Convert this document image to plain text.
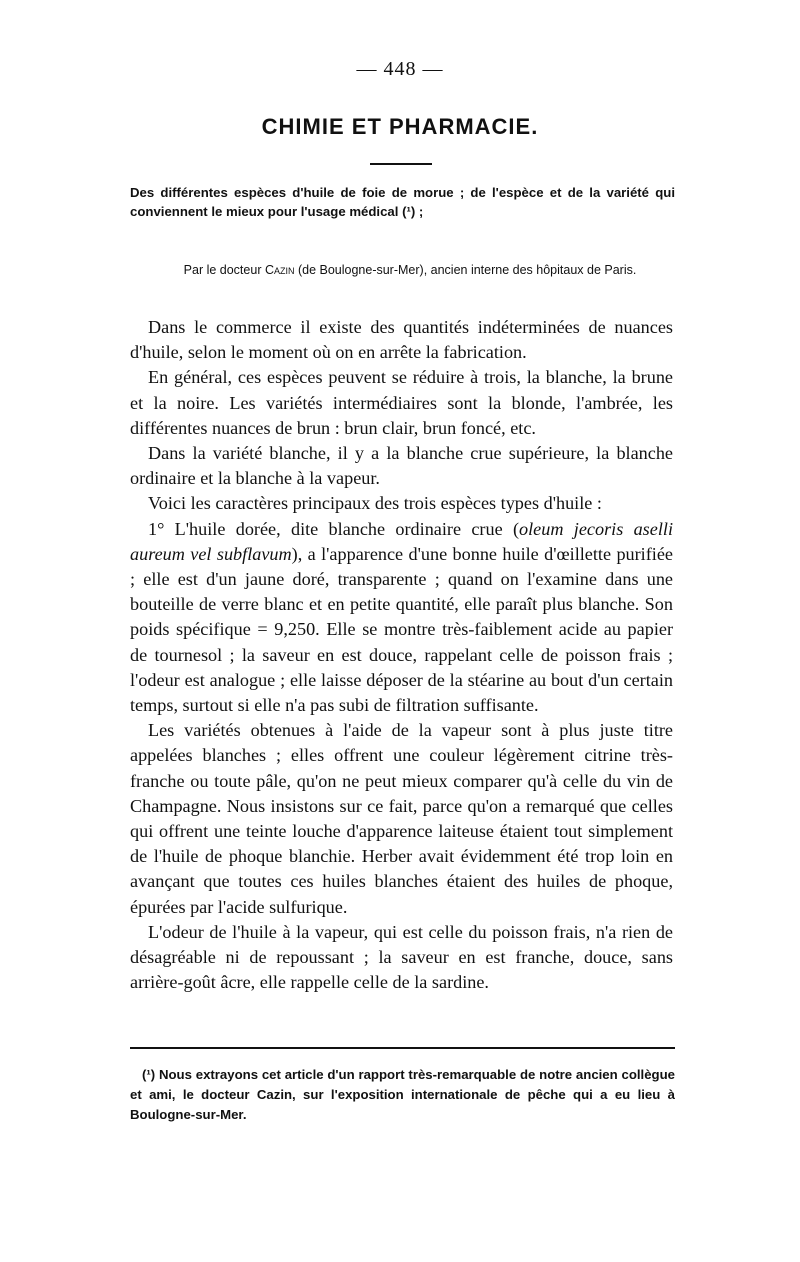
— 448 —
CHIMIE ET PHARMACIE.
Des différentes espèces d'huile de foie de morue ; de l'espèce et de la variété qui conviennent le mieux pour l'usage médical (¹) ;
Par le docteur Cazin (de Boulogne-sur-Mer), ancien interne des hôpitaux de Paris.

Dans le commerce il existe des quantités indéterminées de nuances d'huile, selon le moment où on en arrête la fabrication.

En général, ces espèces peuvent se réduire à trois, la blanche, la brune et la noire. Les variétés intermédiaires sont la blonde, l'ambrée, les différentes nuances de brun : brun clair, brun foncé, etc.

Dans la variété blanche, il y a la blanche crue supérieure, la blanche ordinaire et la blanche à la vapeur.

Voici les caractères principaux des trois espèces types d'huile :

1° L'huile dorée, dite blanche ordinaire crue (oleum jecoris aselli aureum vel subflavum), a l'apparence d'une bonne huile d'œillette purifiée ; elle est d'un jaune doré, transparente ; quand on l'examine dans une bouteille de verre blanc et en petite quantité, elle paraît plus blanche. Son poids spécifique = 9,250. Elle se montre très-faiblement acide au papier de tournesol ; la saveur en est douce, rappelant celle de poisson frais ; l'odeur est analogue ; elle laisse déposer de la stéarine au bout d'un certain temps, surtout si elle n'a pas subi de filtration suffisante.

Les variétés obtenues à l'aide de la vapeur sont à plus juste titre appelées blanches ; elles offrent une couleur légèrement citrine très-franche ou toute pâle, qu'on ne peut mieux comparer qu'à celle du vin de Champagne. Nous insistons sur ce fait, parce qu'on a remarqué que celles qui offrent une teinte louche d'apparence laiteuse étaient tout simplement de l'huile de phoque blanchie. Herber avait évidemment été trop loin en avançant que toutes ces huiles blanches étaient des huiles de phoque, épurées par l'acide sulfurique.

L'odeur de l'huile à la vapeur, qui est celle du poisson frais, n'a rien de désagréable ni de repoussant ; la saveur en est franche, douce, sans arrière-goût âcre, elle rappelle celle de la sardine.

(¹) Nous extrayons cet article d'un rapport très-remarquable de notre ancien collègue et ami, le docteur Cazin, sur l'exposition internationale de pêche qui a eu lieu à Boulogne-sur-Mer.
